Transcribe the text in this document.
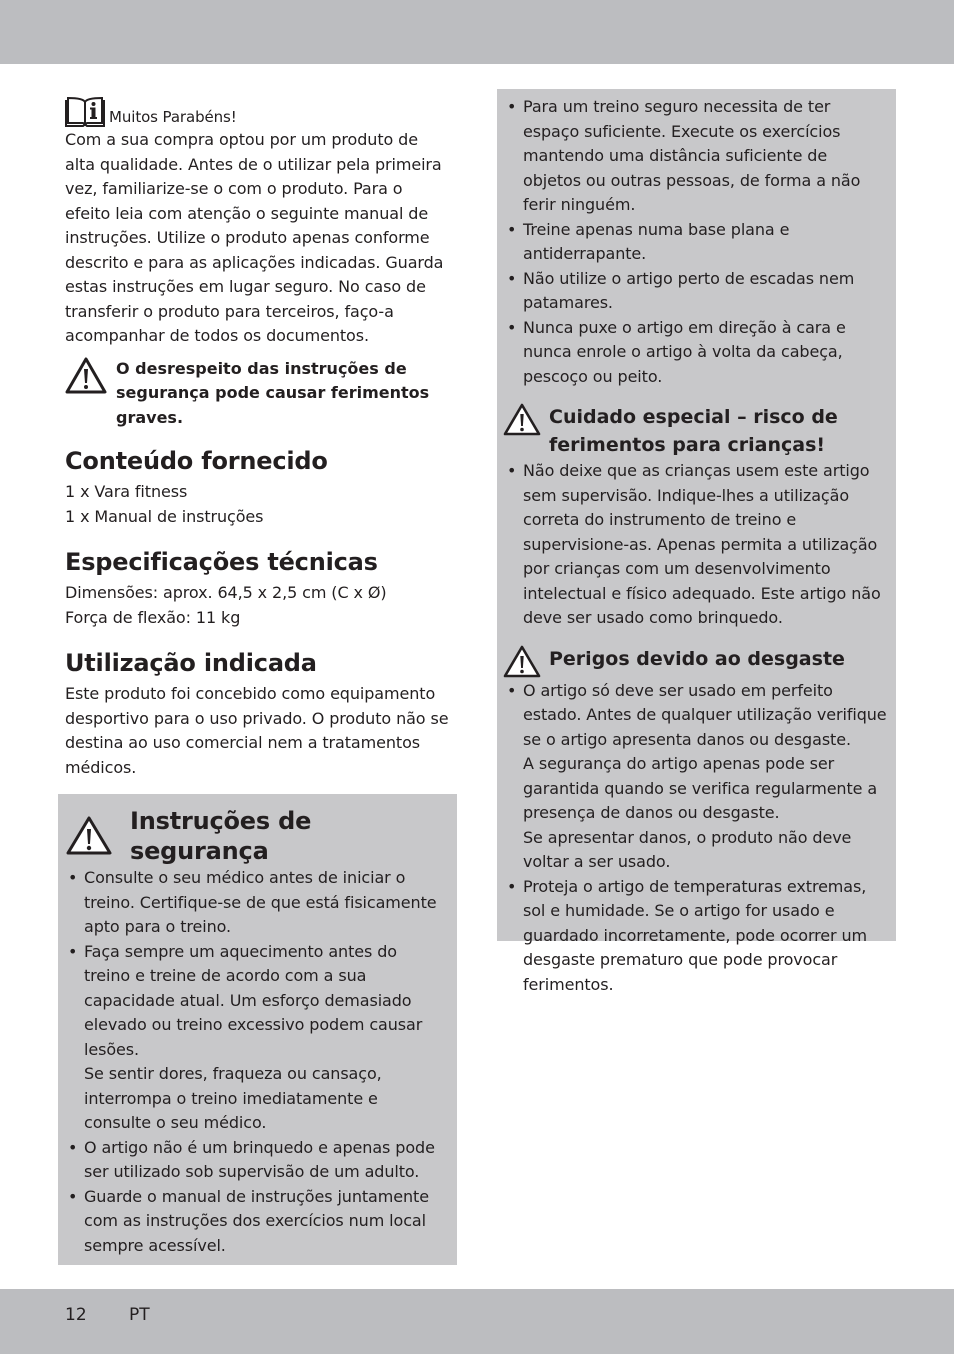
Muitos Parabéns!

Com a sua compra optou por um produto de alta qualidade. Antes de o utilizar pela primeira vez, familiarize-se o com o produto. Para o efeito leia com atenção o seguinte manual de instruções. Utilize o produto apenas conforme descrito e para as aplicações indicadas. Guarda estas instruções em lugar seguro. No caso de transferir o produto para terceiros, faço-a acompanhar de todos os documentos.

O desrespeito das instruções de segurança pode causar ferimentos graves.
Conteúdo fornecido

1 x Vara fitness

1 x Manual de instruções

Especificações técnicas

Dimensões: aprox. 64,5 x 2,5 cm (C x Ø)

Força de flexão: 11 kg

Utilização indicada

Este produto foi concebido como equipamento desportivo para o uso privado. O produto não se destina ao uso comercial nem a tratamentos médicos.

Instruções de segurança
• Consulte o seu médico antes de iniciar o treino. Certifique-se de que está fisicamente apto para o treino.
• Faça sempre um aquecimento antes do treino e treine de acordo com a sua capacidade atual. Um esforço demasiado elevado ou treino excessivo podem causar lesões.
Se sentir dores, fraqueza ou cansaço, interrompa o treino imediatamente e consulte o seu médico.
• O artigo não é um brinquedo e apenas pode ser utilizado sob supervisão de um adulto.
• Guarde o manual de instruções juntamente com as instruções dos exercícios num local sempre acessível.
• Para um treino seguro necessita de ter espaço suficiente. Execute os exercícios mantendo uma distância suficiente de objetos ou outras pessoas, de forma a não ferir ninguém.
• Treine apenas numa base plana e antiderrapante.
• Não utilize o artigo perto de escadas nem patamares.
• Nunca puxe o artigo em direção à cara e nunca enrole o artigo à volta da cabeça, pescoço ou peito.
Cuidado especial – risco de ferimentos para crianças!
• Não deixe que as crianças usem este artigo sem supervisão. Indique-lhes a utilização correta do instrumento de treino e supervisione-as. Apenas permita a utilização por crianças com um desenvolvimento intelectual e físico adequado. Este artigo não deve ser usado como brinquedo.
Perigos devido ao desgaste
• O artigo só deve ser usado em perfeito estado. Antes de qualquer utilização verifique se o artigo apresenta danos ou desgaste.
A segurança do artigo apenas pode ser garantida quando se verifica regularmente a presença de danos ou desgaste.
Se apresentar danos, o produto não deve voltar a ser usado.
• Proteja o artigo de temperaturas extremas, sol e humidade. Se o artigo for usado e guardado incorretamente, pode ocorrer um desgaste prematuro que pode provocar ferimentos.
12 PT
